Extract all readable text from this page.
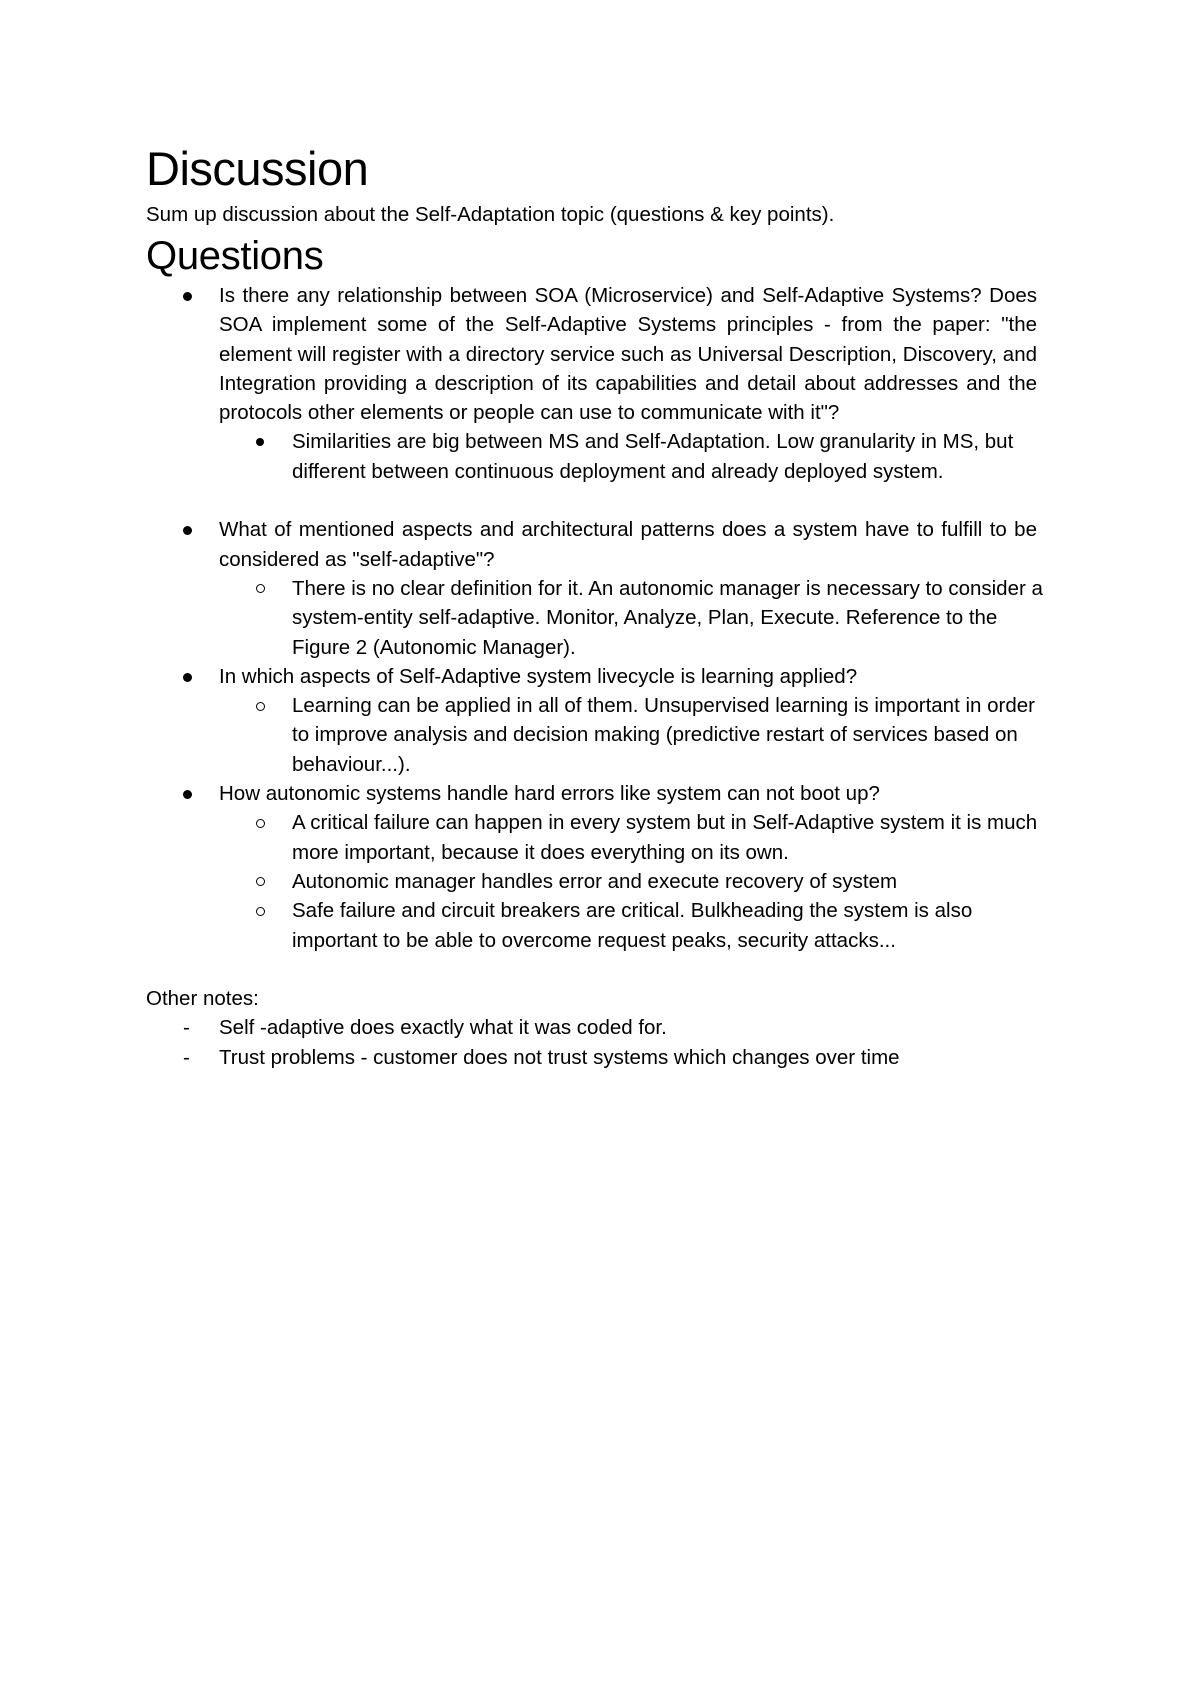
Discussion

Sum up discussion about the Self-Adaptation topic (questions & key points).

Questions
Is there any relationship between SOA (Microservice) and Self-Adaptive Systems? Does SOA implement some of the Self-Adaptive Systems principles - from the paper: "the element will register with a directory service such as Universal Description, Discovery, and Integration providing a description of its capabilities and detail about addresses and the protocols other elements or people can use to communicate with it"?
Similarities are big between MS and Self-Adaptation. Low granularity in MS, but different between continuous deployment and already deployed system.
What of mentioned aspects and architectural patterns does a system have to fulfill to be considered as "self-adaptive"?
There is no clear definition for it. An autonomic manager is necessary to consider a system-entity self-adaptive. Monitor, Analyze, Plan, Execute. Reference to the Figure 2 (Autonomic Manager).
In which aspects of Self-Adaptive system livecycle is learning applied?
Learning can be applied in all of them. Unsupervised learning is important in order to improve analysis and decision making (predictive restart of services based on behaviour...).
How autonomic systems handle hard errors like system can not boot up?
A critical failure can happen in every system but in Self-Adaptive system it is much more important, because it does everything on its own.
Autonomic manager handles error and execute recovery of system
Safe failure and circuit breakers are critical. Bulkheading the system is also important to be able to overcome request peaks, security attacks...
Other notes:
- Self -adaptive does exactly what it was coded for.
- Trust problems - customer does not trust systems which changes over time
